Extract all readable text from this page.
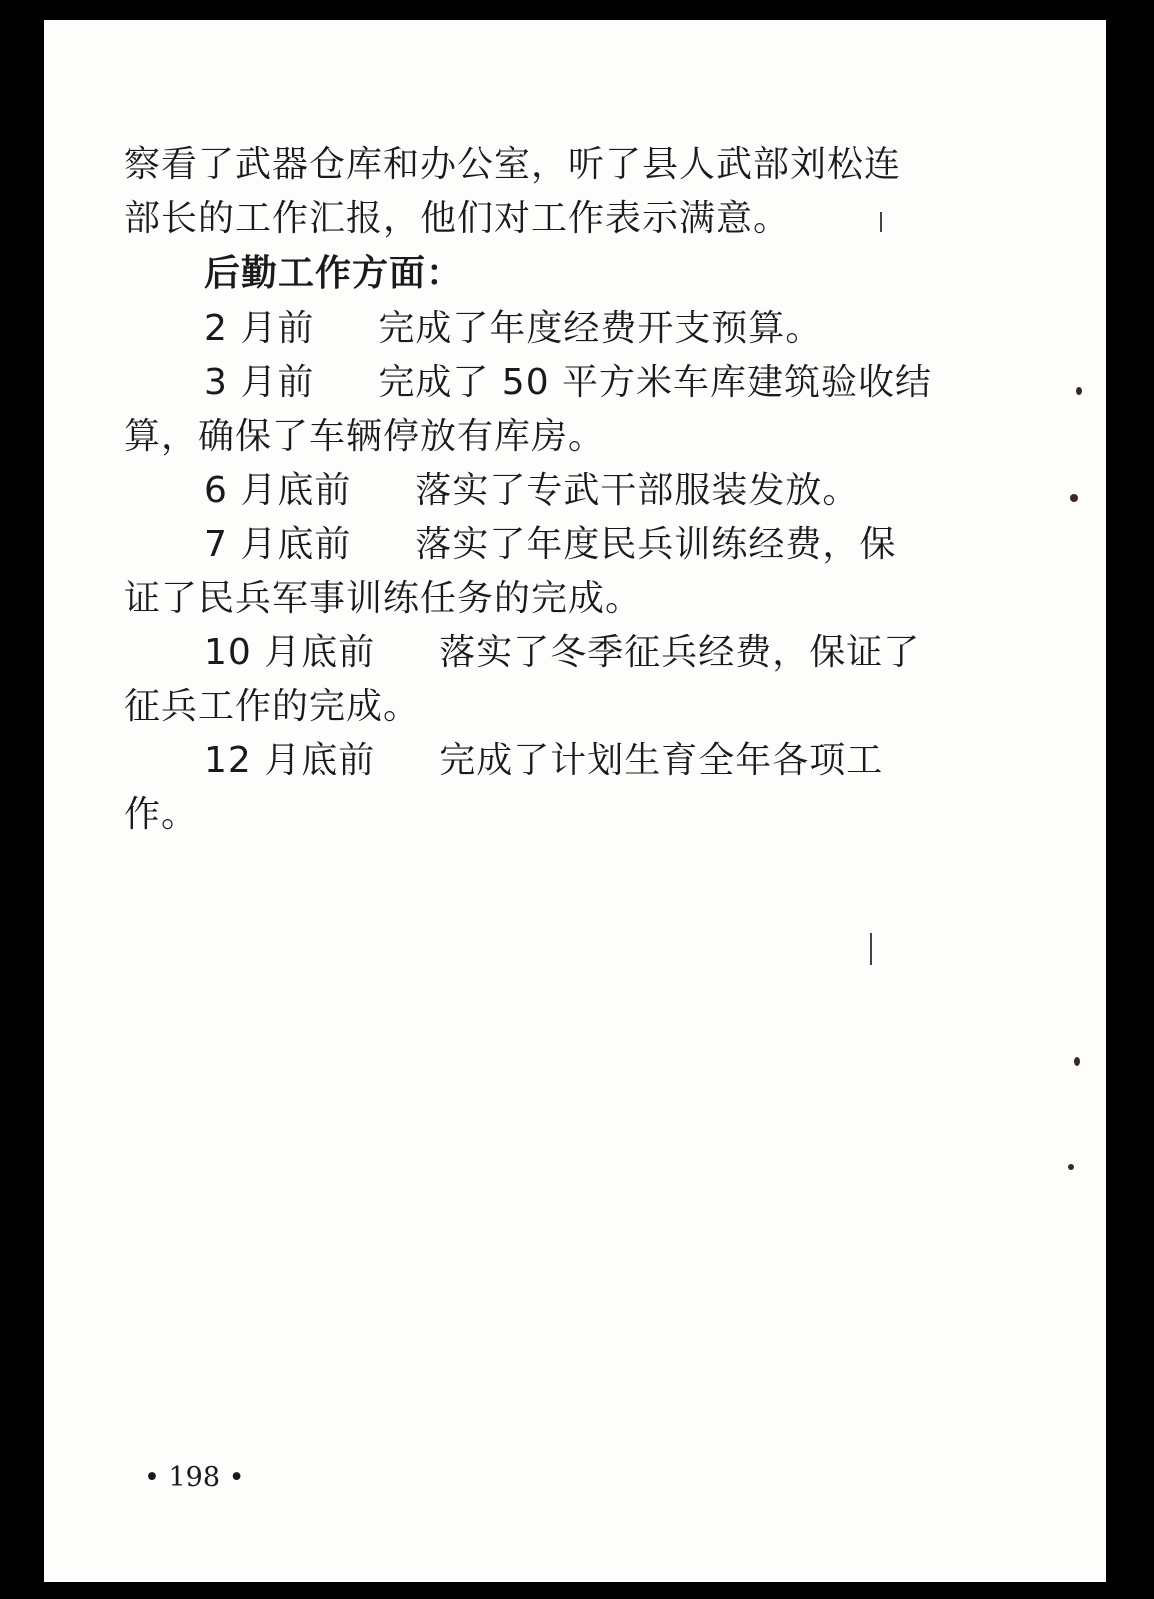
察看了武器仓库和办公室，听了县人武部刘松连
部长的工作汇报，他们对工作表示满意。
后勤工作方面：
2 月前 完成了年度经费开支预算。
3 月前 完成了 50 平方米车库建筑验收结
算，确保了车辆停放有库房。
6 月底前 落实了专武干部服装发放。
7 月底前 落实了年度民兵训练经费，保
证了民兵军事训练任务的完成。
10 月底前 落实了冬季征兵经费，保证了
征兵工作的完成。
12 月底前 完成了计划生育全年各项工
作。
• 198 •
